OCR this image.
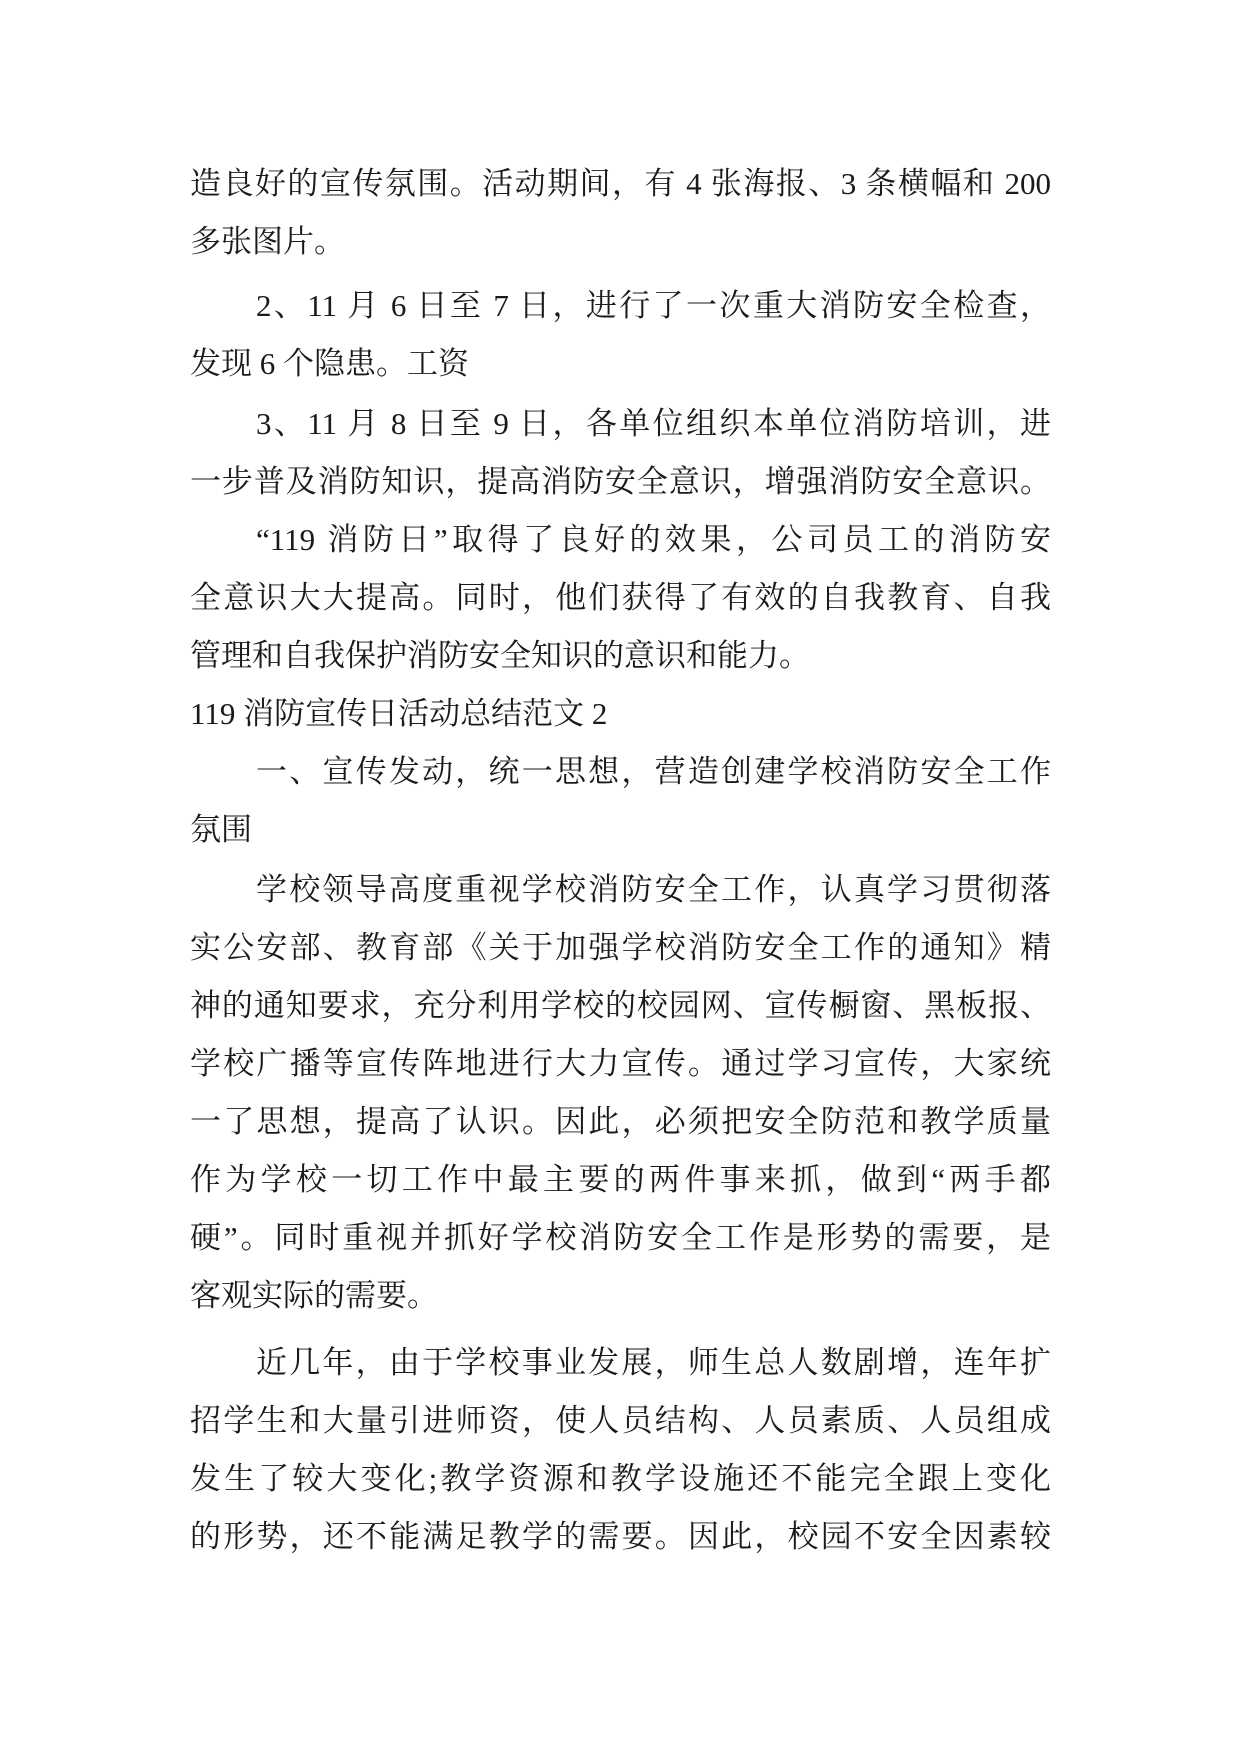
造良好的宣传氛围。活动期间，有 4 张海报、3 条横幅和 200
多张图片。
2、11 月 6 日至 7 日，进行了一次重大消防安全检查，
发现 6 个隐患。工资
3、11 月 8 日至 9 日，各单位组织本单位消防培训，进
一步普及消防知识，提高消防安全意识，增强消防安全意识。
“119 消防日”取得了良好的效果，公司员工的消防安
全意识大大提高。同时，他们获得了有效的自我教育、自我
管理和自我保护消防安全知识的意识和能力。
119 消防宣传日活动总结范文 2
一、宣传发动，统一思想，营造创建学校消防安全工作
氛围
学校领导高度重视学校消防安全工作，认真学习贯彻落
实公安部、教育部《关于加强学校消防安全工作的通知》精
神的通知要求，充分利用学校的校园网、宣传橱窗、黑板报、
学校广播等宣传阵地进行大力宣传。通过学习宣传，大家统
一了思想，提高了认识。因此，必须把安全防范和教学质量
作为学校一切工作中最主要的两件事来抓，做到“两手都
硬”。同时重视并抓好学校消防安全工作是形势的需要，是
客观实际的需要。
近几年，由于学校事业发展，师生总人数剧增，连年扩
招学生和大量引进师资，使人员结构、人员素质、人员组成
发生了较大变化;教学资源和教学设施还不能完全跟上变化
的形势，还不能满足教学的需要。因此，校园不安全因素较
